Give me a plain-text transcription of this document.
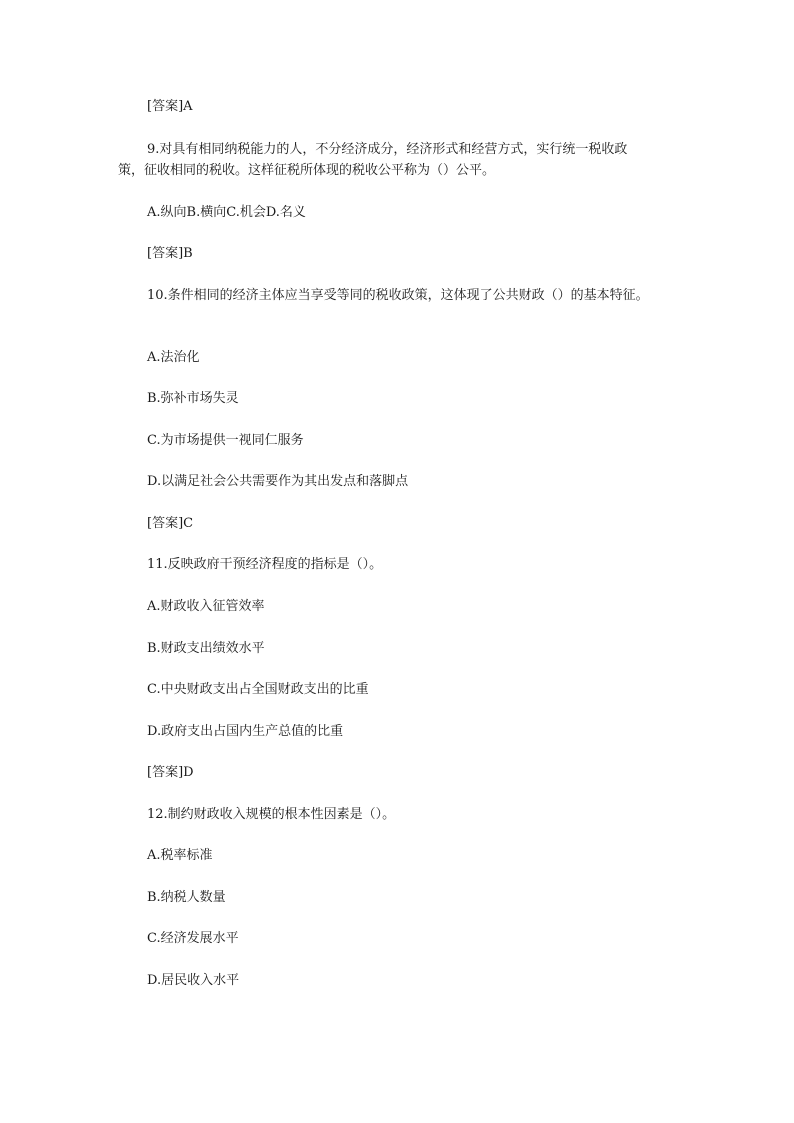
[答案]A
9.对具有相同纳税能力的人，不分经济成分，经济形式和经营方式，实行统一税收政
策，征收相同的税收。这样征税所体现的税收公平称为（）公平。
A.纵向B.横向C.机会D.名义
[答案]B
10.条件相同的经济主体应当享受等同的税收政策，这体现了公共财政（）的基本特征。
A.法治化
B.弥补市场失灵
C.为市场提供一视同仁服务
D.以满足社会公共需要作为其出发点和落脚点
[答案]C
11.反映政府干预经济程度的指标是（）。
A.财政收入征管效率
B.财政支出绩效水平
C.中央财政支出占全国财政支出的比重
D.政府支出占国内生产总值的比重
[答案]D
12.制约财政收入规模的根本性因素是（）。
A.税率标准
B.纳税人数量
C.经济发展水平
D.居民收入水平
